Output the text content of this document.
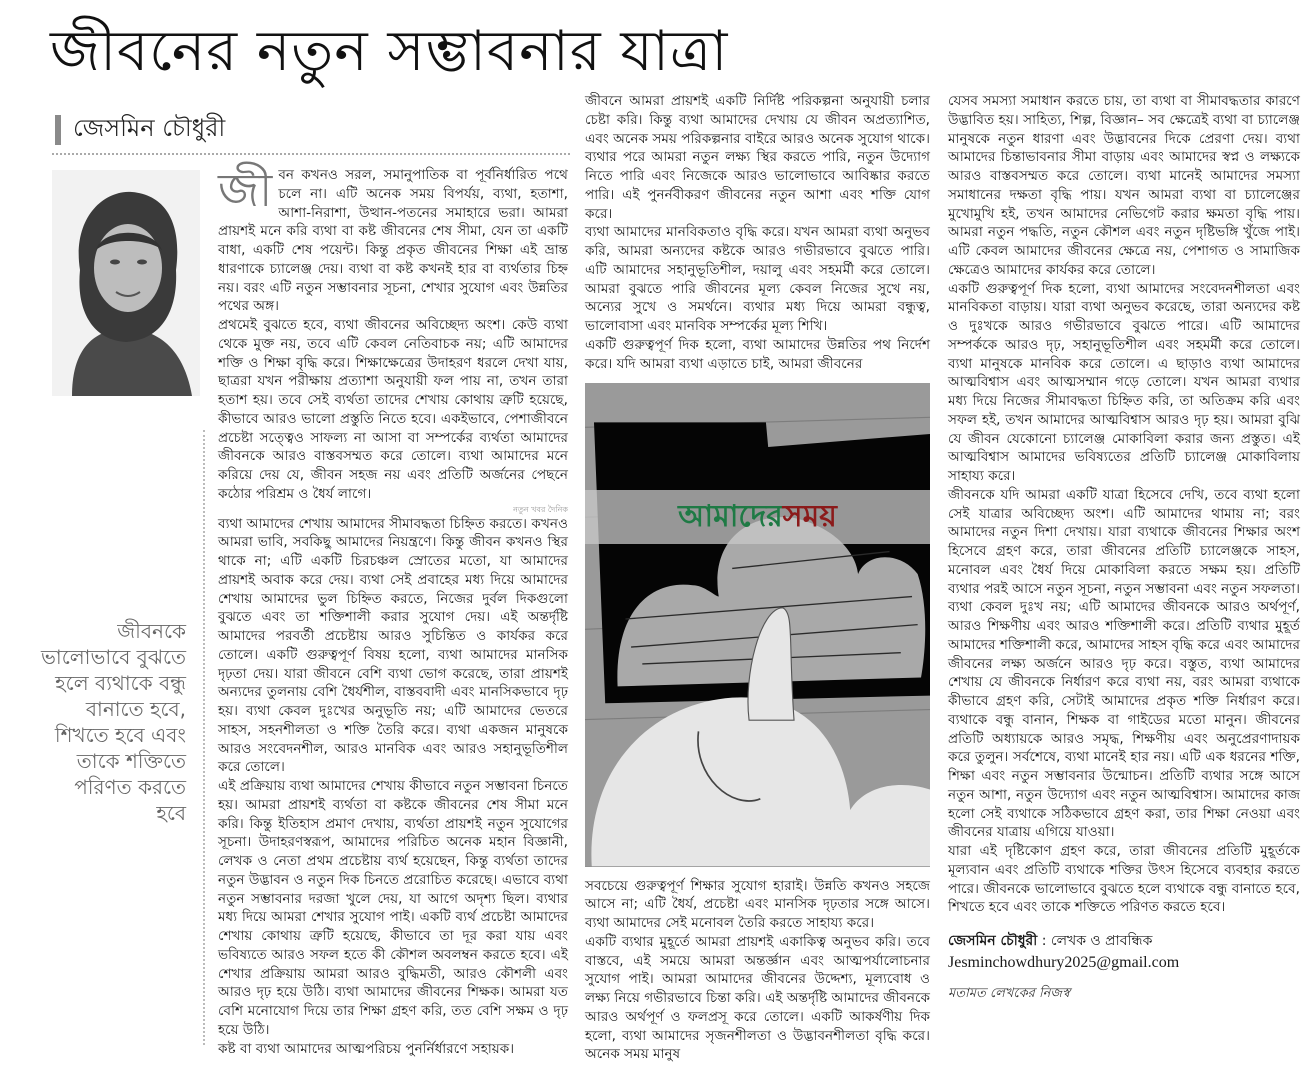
জীবনের নতুন সম্ভাবনার যাত্রা
জেসমিন চৌধুরী
জীবনকে ভালোভাবে বুঝতে হলে ব্যথাকে বন্ধু বানাতে হবে, শিখতে হবে এবং তাকে শক্তিতে পরিণত করতে হবে

জীবন কখনও সরল, সমানুপাতিক বা পূর্বনির্ধারিত পথে চলে না। এটি অনেক সময় বিপর্যয়, ব্যথা, হতাশা, আশা-নিরাশা, উত্থান-পতনের সমাহারে ভরা। আমরা প্রায়শই মনে করি ব্যথা বা কষ্ট জীবনের শেষ সীমা, যেন তা একটি বাধা, একটি শেষ পয়েন্ট। কিন্তু প্রকৃত জীবনের শিক্ষা এই ভ্রান্ত ধারণাকে চ্যালেঞ্জ দেয়। ব্যথা বা কষ্ট কখনই হার বা ব্যর্থতার চিহ্ন নয়। বরং এটি নতুন সম্ভাবনার সূচনা, শেখার সুযোগ এবং উন্নতির পথের অঙ্গ।

প্রথমেই বুঝতে হবে, ব্যথা জীবনের অবিচ্ছেদ্য অংশ। কেউ ব্যথা থেকে মুক্ত নয়, তবে এটি কেবল নেতিবাচক নয়; এটি আমাদের শক্তি ও শিক্ষা বৃদ্ধি করে। শিক্ষাক্ষেত্রের উদাহরণ ধরলে দেখা যায়, ছাত্ররা যখন পরীক্ষায় প্রত্যাশা অনুযায়ী ফল পায় না, তখন তারা হতাশ হয়। তবে সেই ব্যর্থতা তাদের শেখায় কোথায় ত্রুটি হয়েছে, কীভাবে আরও ভালো প্রস্তুতি নিতে হবে। একইভাবে, পেশাজীবনে প্রচেষ্টা সত্ত্বেও সাফল্য না আসা বা সম্পর্কের ব্যর্থতা আমাদের জীবনকে আরও বাস্তবসম্মত করে তোলে। ব্যথা আমাদের মনে করিয়ে দেয় যে, জীবন সহজ নয় এবং প্রতিটি অর্জনের পেছনে কঠোর পরিশ্রম ও ধৈর্য লাগে।

নতুন খবর দৈনিক

ব্যথা আমাদের শেখায় আমাদের সীমাবদ্ধতা চিহ্নিত করতে। কখনও আমরা ভাবি, সবকিছু আমাদের নিয়ন্ত্রণে। কিন্তু জীবন কখনও স্থির থাকে না; এটি একটি চিরচঞ্চল স্রোতের মতো, যা আমাদের প্রায়শই অবাক করে দেয়। ব্যথা সেই প্রবাহের মধ্য দিয়ে আমাদের শেখায় আমাদের ভুল চিহ্নিত করতে, নিজের দুর্বল দিকগুলো বুঝতে এবং তা শক্তিশালী করার সুযোগ দেয়। এই অন্তর্দৃষ্টি আমাদের পরবর্তী প্রচেষ্টায় আরও সুচিন্তিত ও কার্যকর করে তোলে। একটি গুরুত্বপূর্ণ বিষয় হলো, ব্যথা আমাদের মানসিক দৃঢ়তা দেয়। যারা জীবনে বেশি ব্যথা ভোগ করেছে, তারা প্রায়শই অন্যদের তুলনায় বেশি ধৈর্যশীল, বাস্তববাদী এবং মানসিকভাবে দৃঢ় হয়। ব্যথা কেবল দুঃখের অনুভূতি নয়; এটি আমাদের ভেতরে সাহস, সহনশীলতা ও শক্তি তৈরি করে। ব্যথা একজন মানুষকে আরও সংবেদনশীল, আরও মানবিক এবং আরও সহানুভূতিশীল করে তোলে।

এই প্রক্রিয়ায় ব্যথা আমাদের শেখায় কীভাবে নতুন সম্ভাবনা চিনতে হয়। আমরা প্রায়শই ব্যর্থতা বা কষ্টকে জীবনের শেষ সীমা মনে করি। কিন্তু ইতিহাস প্রমাণ দেখায়, ব্যর্থতা প্রায়শই নতুন সুযোগের সূচনা। উদাহরণস্বরূপ, আমাদের পরিচিত অনেক মহান বিজ্ঞানী, লেখক ও নেতা প্রথম প্রচেষ্টায় ব্যর্থ হয়েছেন, কিন্তু ব্যর্থতা তাদের নতুন উদ্ভাবন ও নতুন দিক চিনতে প্ররোচিত করেছে। এভাবে ব্যথা নতুন সম্ভাবনার দরজা খুলে দেয়, যা আগে অদৃশ্য ছিল। ব্যথার মধ্য দিয়ে আমরা শেখার সুযোগ পাই। একটি ব্যর্থ প্রচেষ্টা আমাদের শেখায় কোথায় ত্রুটি হয়েছে, কীভাবে তা দূর করা যায় এবং ভবিষ্যতে আরও সফল হতে কী কৌশল অবলম্বন করতে হবে। এই শেখার প্রক্রিয়ায় আমরা আরও বুদ্ধিমতী, আরও কৌশলী এবং আরও দৃঢ় হয়ে উঠি। ব্যথা আমাদের জীবনের শিক্ষক। আমরা যত বেশি মনোযোগ দিয়ে তার শিক্ষা গ্রহণ করি, তত বেশি সক্ষম ও দৃঢ় হয়ে উঠি।

কষ্ট বা ব্যথা আমাদের আত্মপরিচয় পুনর্নির্ধারণে সহায়ক।

জীবনে আমরা প্রায়শই একটি নির্দিষ্ট পরিকল্পনা অনুযায়ী চলার চেষ্টা করি। কিন্তু ব্যথা আমাদের দেখায় যে জীবন অপ্রত্যাশিত, এবং অনেক সময় পরিকল্পনার বাইরে আরও অনেক সুযোগ থাকে। ব্যথার পরে আমরা নতুন লক্ষ্য স্থির করতে পারি, নতুন উদ্যোগ নিতে পারি এবং নিজেকে আরও ভালোভাবে আবিষ্কার করতে পারি। এই পুনর্নবীকরণ জীবনের নতুন আশা এবং শক্তি যোগ করে।

ব্যথা আমাদের মানবিকতাও বৃদ্ধি করে। যখন আমরা ব্যথা অনুভব করি, আমরা অন্যদের কষ্টকে আরও গভীরভাবে বুঝতে পারি। এটি আমাদের সহানুভূতিশীল, দয়ালু এবং সহমর্মী করে তোলে। আমরা বুঝতে পারি জীবনের মূল্য কেবল নিজের সুখে নয়, অন্যের সুখে ও সমর্থনে। ব্যথার মধ্য দিয়ে আমরা বন্ধুত্ব, ভালোবাসা এবং মানবিক সম্পর্কের মূল্য শিখি।

একটি গুরুত্বপূর্ণ দিক হলো, ব্যথা আমাদের উন্নতির পথ নির্দেশ করে। যদি আমরা ব্যথা এড়াতে চাই, আমরা জীবনের

আমাদের সময়

সবচেয়ে গুরুত্বপূর্ণ শিক্ষার সুযোগ হারাই। উন্নতি কখনও সহজে আসে না; এটি ধৈর্য, প্রচেষ্টা এবং মানসিক দৃঢ়তার সঙ্গে আসে। ব্যথা আমাদের সেই মনোবল তৈরি করতে সাহায্য করে।

একটি ব্যথার মুহূর্তে আমরা প্রায়শই একাকিত্ব অনুভব করি। তবে বাস্তবে, এই সময়ে আমরা অন্তর্জ্ঞান এবং আত্মপর্যালোচনার সুযোগ পাই। আমরা আমাদের জীবনের উদ্দেশ্য, মূল্যবোধ ও লক্ষ্য নিয়ে গভীরভাবে চিন্তা করি। এই অন্তর্দৃষ্টি আমাদের জীবনকে আরও অর্থপূর্ণ ও ফলপ্রসূ করে তোলে। একটি আকর্ষণীয় দিক হলো, ব্যথা আমাদের সৃজনশীলতা ও উদ্ভাবনশীলতা বৃদ্ধি করে। অনেক সময় মানুষ

যেসব সমস্যা সমাধান করতে চায়, তা ব্যথা বা সীমাবদ্ধতার কারণে উদ্ভাবিত হয়। সাহিত্য, শিল্প, বিজ্ঞান– সব ক্ষেত্রেই ব্যথা বা চ্যালেঞ্জ মানুষকে নতুন ধারণা এবং উদ্ভাবনের দিকে প্রেরণা দেয়। ব্যথা আমাদের চিন্তাভাবনার সীমা বাড়ায় এবং আমাদের স্বপ্ন ও লক্ষ্যকে আরও বাস্তবসম্মত করে তোলে। ব্যথা মানেই আমাদের সমস্যা সমাধানের দক্ষতা বৃদ্ধি পায়। যখন আমরা ব্যথা বা চ্যালেঞ্জের মুখোমুখি হই, তখন আমাদের নেভিগেট করার ক্ষমতা বৃদ্ধি পায়। আমরা নতুন পদ্ধতি, নতুন কৌশল এবং নতুন দৃষ্টিভঙ্গি খুঁজে পাই। এটি কেবল আমাদের জীবনের ক্ষেত্রে নয়, পেশাগত ও সামাজিক ক্ষেত্রেও আমাদের কার্যকর করে তোলে।

একটি গুরুত্বপূর্ণ দিক হলো, ব্যথা আমাদের সংবেদনশীলতা এবং মানবিকতা বাড়ায়। যারা ব্যথা অনুভব করেছে, তারা অন্যদের কষ্ট ও দুঃখকে আরও গভীরভাবে বুঝতে পারে। এটি আমাদের সম্পর্ককে আরও দৃঢ়, সহানুভূতিশীল এবং সহমর্মী করে তোলে। ব্যথা মানুষকে মানবিক করে তোলে। এ ছাড়াও ব্যথা আমাদের আত্মবিশ্বাস এবং আত্মসম্মান গড়ে তোলে। যখন আমরা ব্যথার মধ্য দিয়ে নিজের সীমাবদ্ধতা চিহ্নিত করি, তা অতিক্রম করি এবং সফল হই, তখন আমাদের আত্মবিশ্বাস আরও দৃঢ় হয়। আমরা বুঝি যে জীবন যেকোনো চ্যালেঞ্জ মোকাবিলা করার জন্য প্রস্তুত। এই আত্মবিশ্বাস আমাদের ভবিষ্যতের প্রতিটি চ্যালেঞ্জ মোকাবিলায় সাহায্য করে।

জীবনকে যদি আমরা একটি যাত্রা হিসেবে দেখি, তবে ব্যথা হলো সেই যাত্রার অবিচ্ছেদ্য অংশ। এটি আমাদের থামায় না; বরং আমাদের নতুন দিশা দেখায়। যারা ব্যথাকে জীবনের শিক্ষার অংশ হিসেবে গ্রহণ করে, তারা জীবনের প্রতিটি চ্যালেঞ্জকে সাহস, মনোবল এবং ধৈর্য দিয়ে মোকাবিলা করতে সক্ষম হয়। প্রতিটি ব্যথার পরই আসে নতুন সূচনা, নতুন সম্ভাবনা এবং নতুন সফলতা। ব্যথা কেবল দুঃখ নয়; এটি আমাদের জীবনকে আরও অর্থপূর্ণ, আরও শিক্ষণীয় এবং আরও শক্তিশালী করে। প্রতিটি ব্যথার মুহূর্ত আমাদের শক্তিশালী করে, আমাদের সাহস বৃদ্ধি করে এবং আমাদের জীবনের লক্ষ্য অর্জনে আরও দৃঢ় করে। বস্তুত, ব্যথা আমাদের শেখায় যে জীবনকে নির্ধারণ করে ব্যথা নয়, বরং আমরা ব্যথাকে কীভাবে গ্রহণ করি, সেটাই আমাদের প্রকৃত শক্তি নির্ধারণ করে। ব্যথাকে বন্ধু বানান, শিক্ষক বা গাইডের মতো মানুন। জীবনের প্রতিটি অধ্যায়কে আরও সমৃদ্ধ, শিক্ষণীয় এবং অনুপ্রেরণাদায়ক করে তুলুন। সর্বশেষে, ব্যথা মানেই হার নয়। এটি এক ধরনের শক্তি, শিক্ষা এবং নতুন সম্ভাবনার উন্মোচন। প্রতিটি ব্যথার সঙ্গে আসে নতুন আশা, নতুন উদ্যোগ এবং নতুন আত্মবিশ্বাস। আমাদের কাজ হলো সেই ব্যথাকে সঠিকভাবে গ্রহণ করা, তার শিক্ষা নেওয়া এবং জীবনের যাত্রায় এগিয়ে যাওয়া।

যারা এই দৃষ্টিকোণ গ্রহণ করে, তারা জীবনের প্রতিটি মুহূর্তকে মূল্যবান এবং প্রতিটি ব্যথাকে শক্তির উৎস হিসেবে ব্যবহার করতে পারে। জীবনকে ভালোভাবে বুঝতে হলে ব্যথাকে বন্ধু বানাতে হবে, শিখতে হবে এবং তাকে শক্তিতে পরিণত করতে হবে।

জেসমিন চৌধুরী : লেখক ও প্রাবন্ধিক
Jesminchowdhury2025@gmail.com
মতামত লেখকের নিজস্ব
